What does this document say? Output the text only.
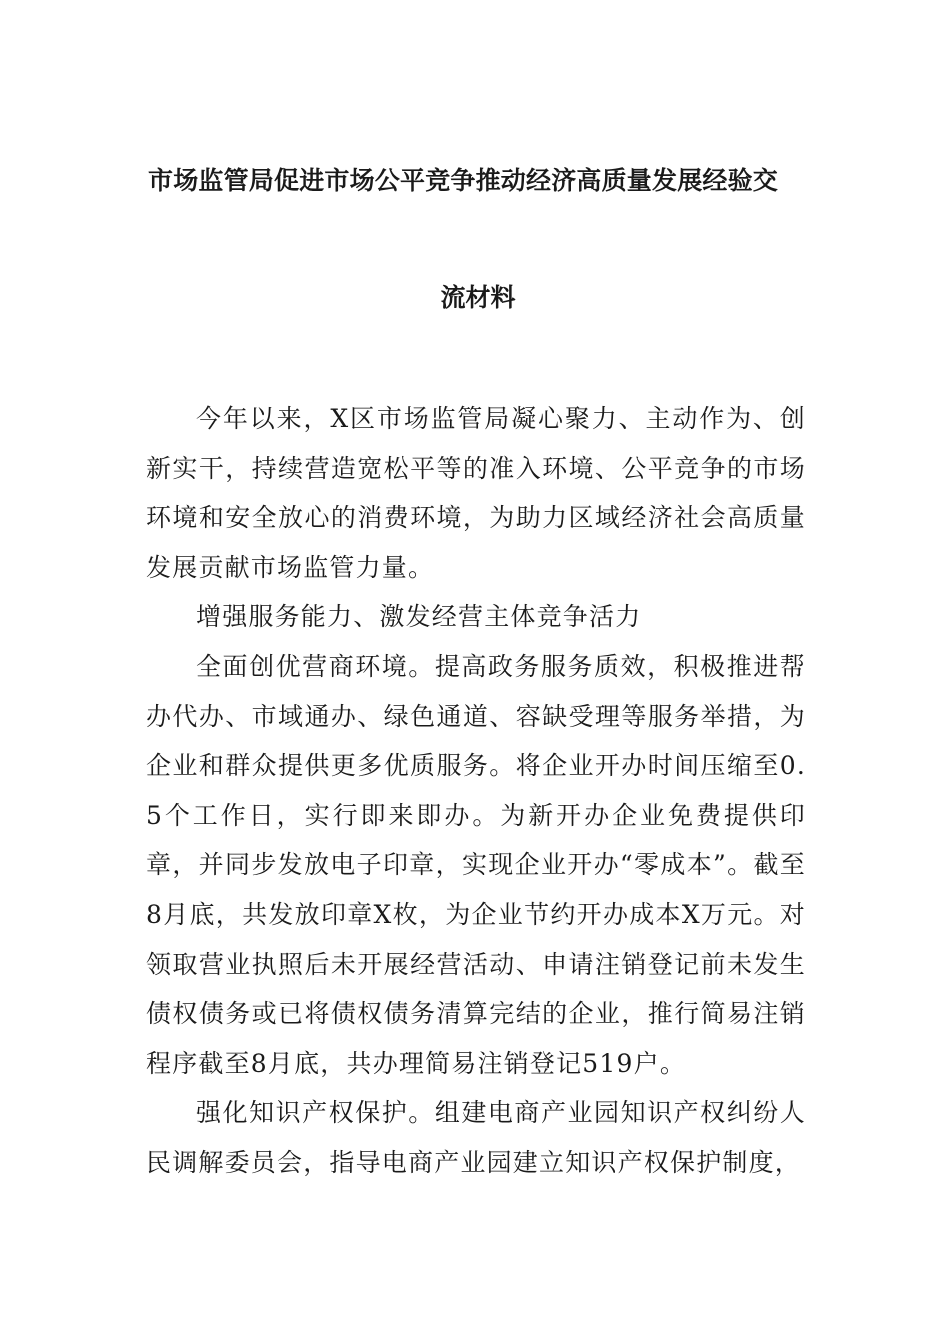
市场监管局促进市场公平竞争推动经济高质量发展经验交
流材料

今年以来，X区市场监管局凝心聚力、主动作为、创新实干，持续营造宽松平等的准入环境、公平竞争的市场环境和安全放心的消费环境，为助力区域经济社会高质量发展贡献市场监管力量。

增强服务能力、激发经营主体竞争活力

全面创优营商环境。提高政务服务质效，积极推进帮办代办、市域通办、绿色通道、容缺受理等服务举措，为企业和群众提供更多优质服务。将企业开办时间压缩至0.5个工作日，实行即来即办。为新开办企业免费提供印章，并同步发放电子印章，实现企业开办“零成本”。截至8月底，共发放印章X枚，为企业节约开办成本X万元。对领取营业执照后未开展经营活动、申请注销登记前未发生债权债务或已将债权债务清算完结的企业，推行简易注销程序截至8月底，共办理简易注销登记519户。

强化知识产权保护。组建电商产业园知识产权纠纷人民调解委员会，指导电商产业园建立知识产权保护制度，
